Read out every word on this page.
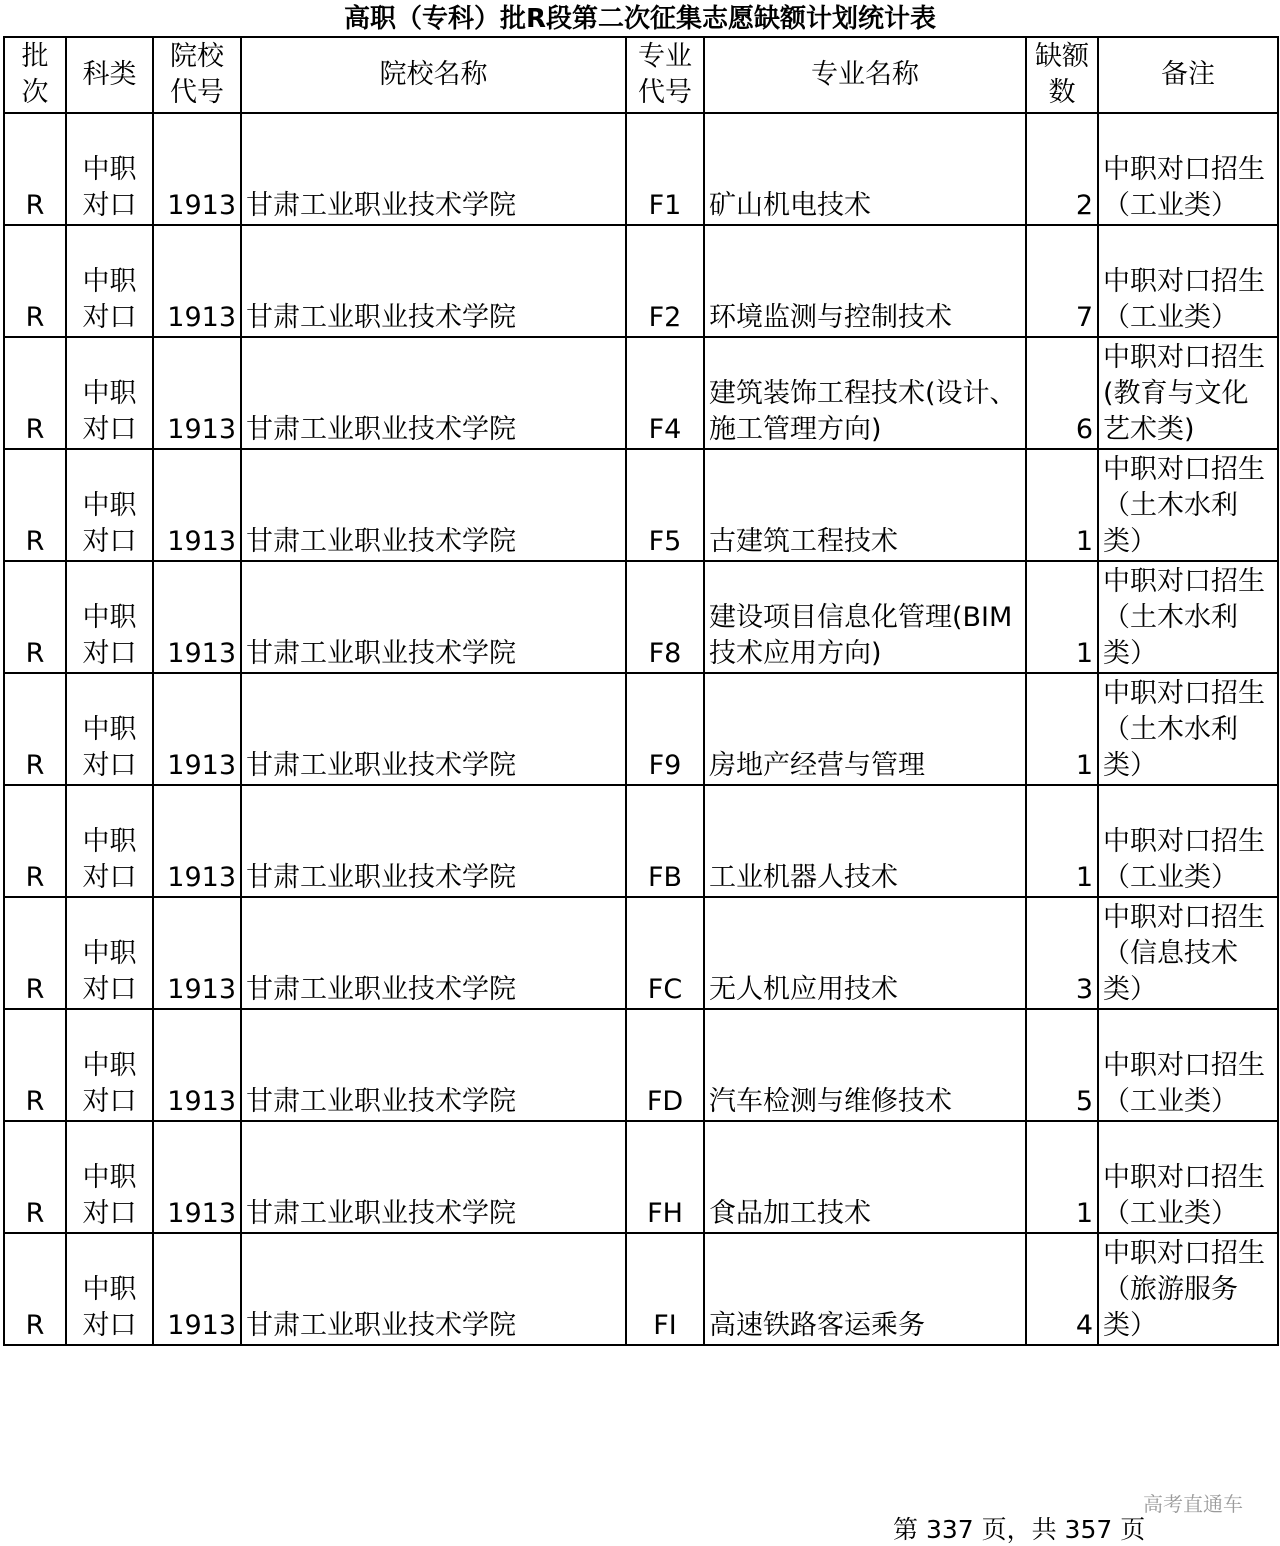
高职（专科）批R段第二次征集志愿缺额计划统计表
批次	科类	院校代号	院校名称	专业代号	专业名称	缺额数	备注
R	中职对口	1913	甘肃工业职业技术学院	F1	矿山机电技术	2	中职对口招生（工业类）
R	中职对口	1913	甘肃工业职业技术学院	F2	环境监测与控制技术	7	中职对口招生（工业类）
R	中职对口	1913	甘肃工业职业技术学院	F4	建筑装饰工程技术(设计、施工管理方向)	6	中职对口招生(教育与文化艺术类)
R	中职对口	1913	甘肃工业职业技术学院	F5	古建筑工程技术	1	中职对口招生（土木水利类）
R	中职对口	1913	甘肃工业职业技术学院	F8	建设项目信息化管理(BIM技术应用方向)	1	中职对口招生（土木水利类）
R	中职对口	1913	甘肃工业职业技术学院	F9	房地产经营与管理	1	中职对口招生（土木水利类）
R	中职对口	1913	甘肃工业职业技术学院	FB	工业机器人技术	1	中职对口招生（工业类）
R	中职对口	1913	甘肃工业职业技术学院	FC	无人机应用技术	3	中职对口招生（信息技术类）
R	中职对口	1913	甘肃工业职业技术学院	FD	汽车检测与维修技术	5	中职对口招生（工业类）
R	中职对口	1913	甘肃工业职业技术学院	FH	食品加工技术	1	中职对口招生（工业类）
R	中职对口	1913	甘肃工业职业技术学院	FI	高速铁路客运乘务	4	中职对口招生（旅游服务类）
高考直通车
第 337 页，共 357 页
